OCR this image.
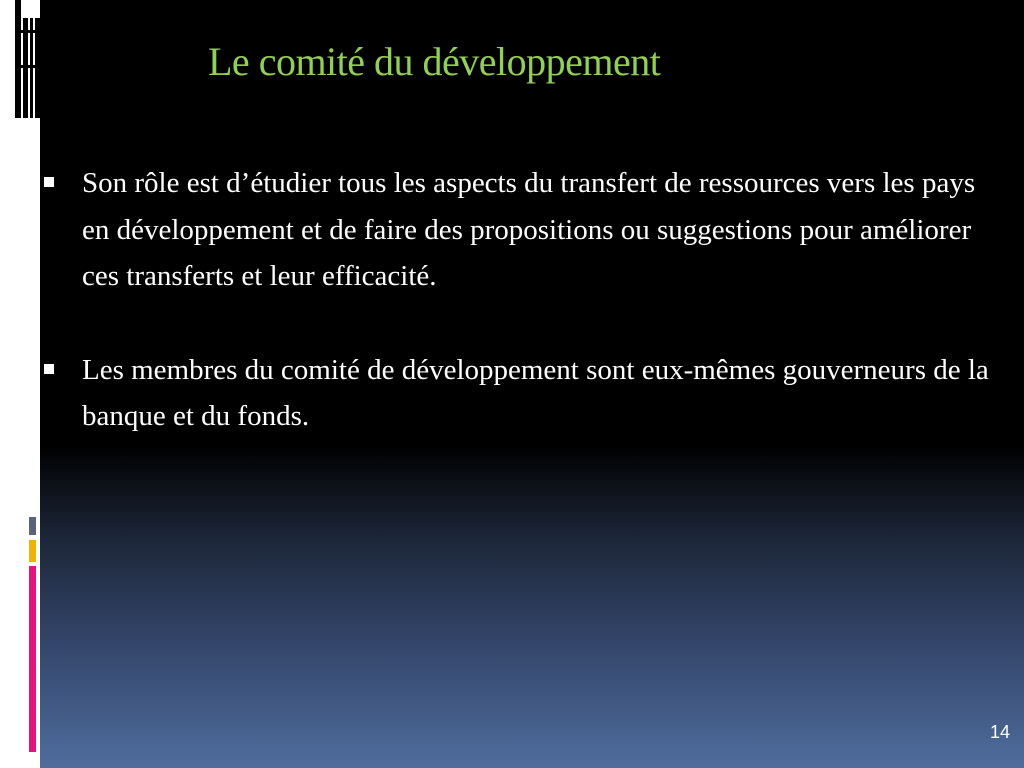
Le comité du développement
Son rôle est d’étudier tous les aspects du transfert de ressources vers les pays en développement et de faire des propositions ou suggestions pour améliorer ces transferts et leur efficacité.
Les membres du comité de développement sont eux-mêmes gouverneurs de la banque et du fonds.
14
